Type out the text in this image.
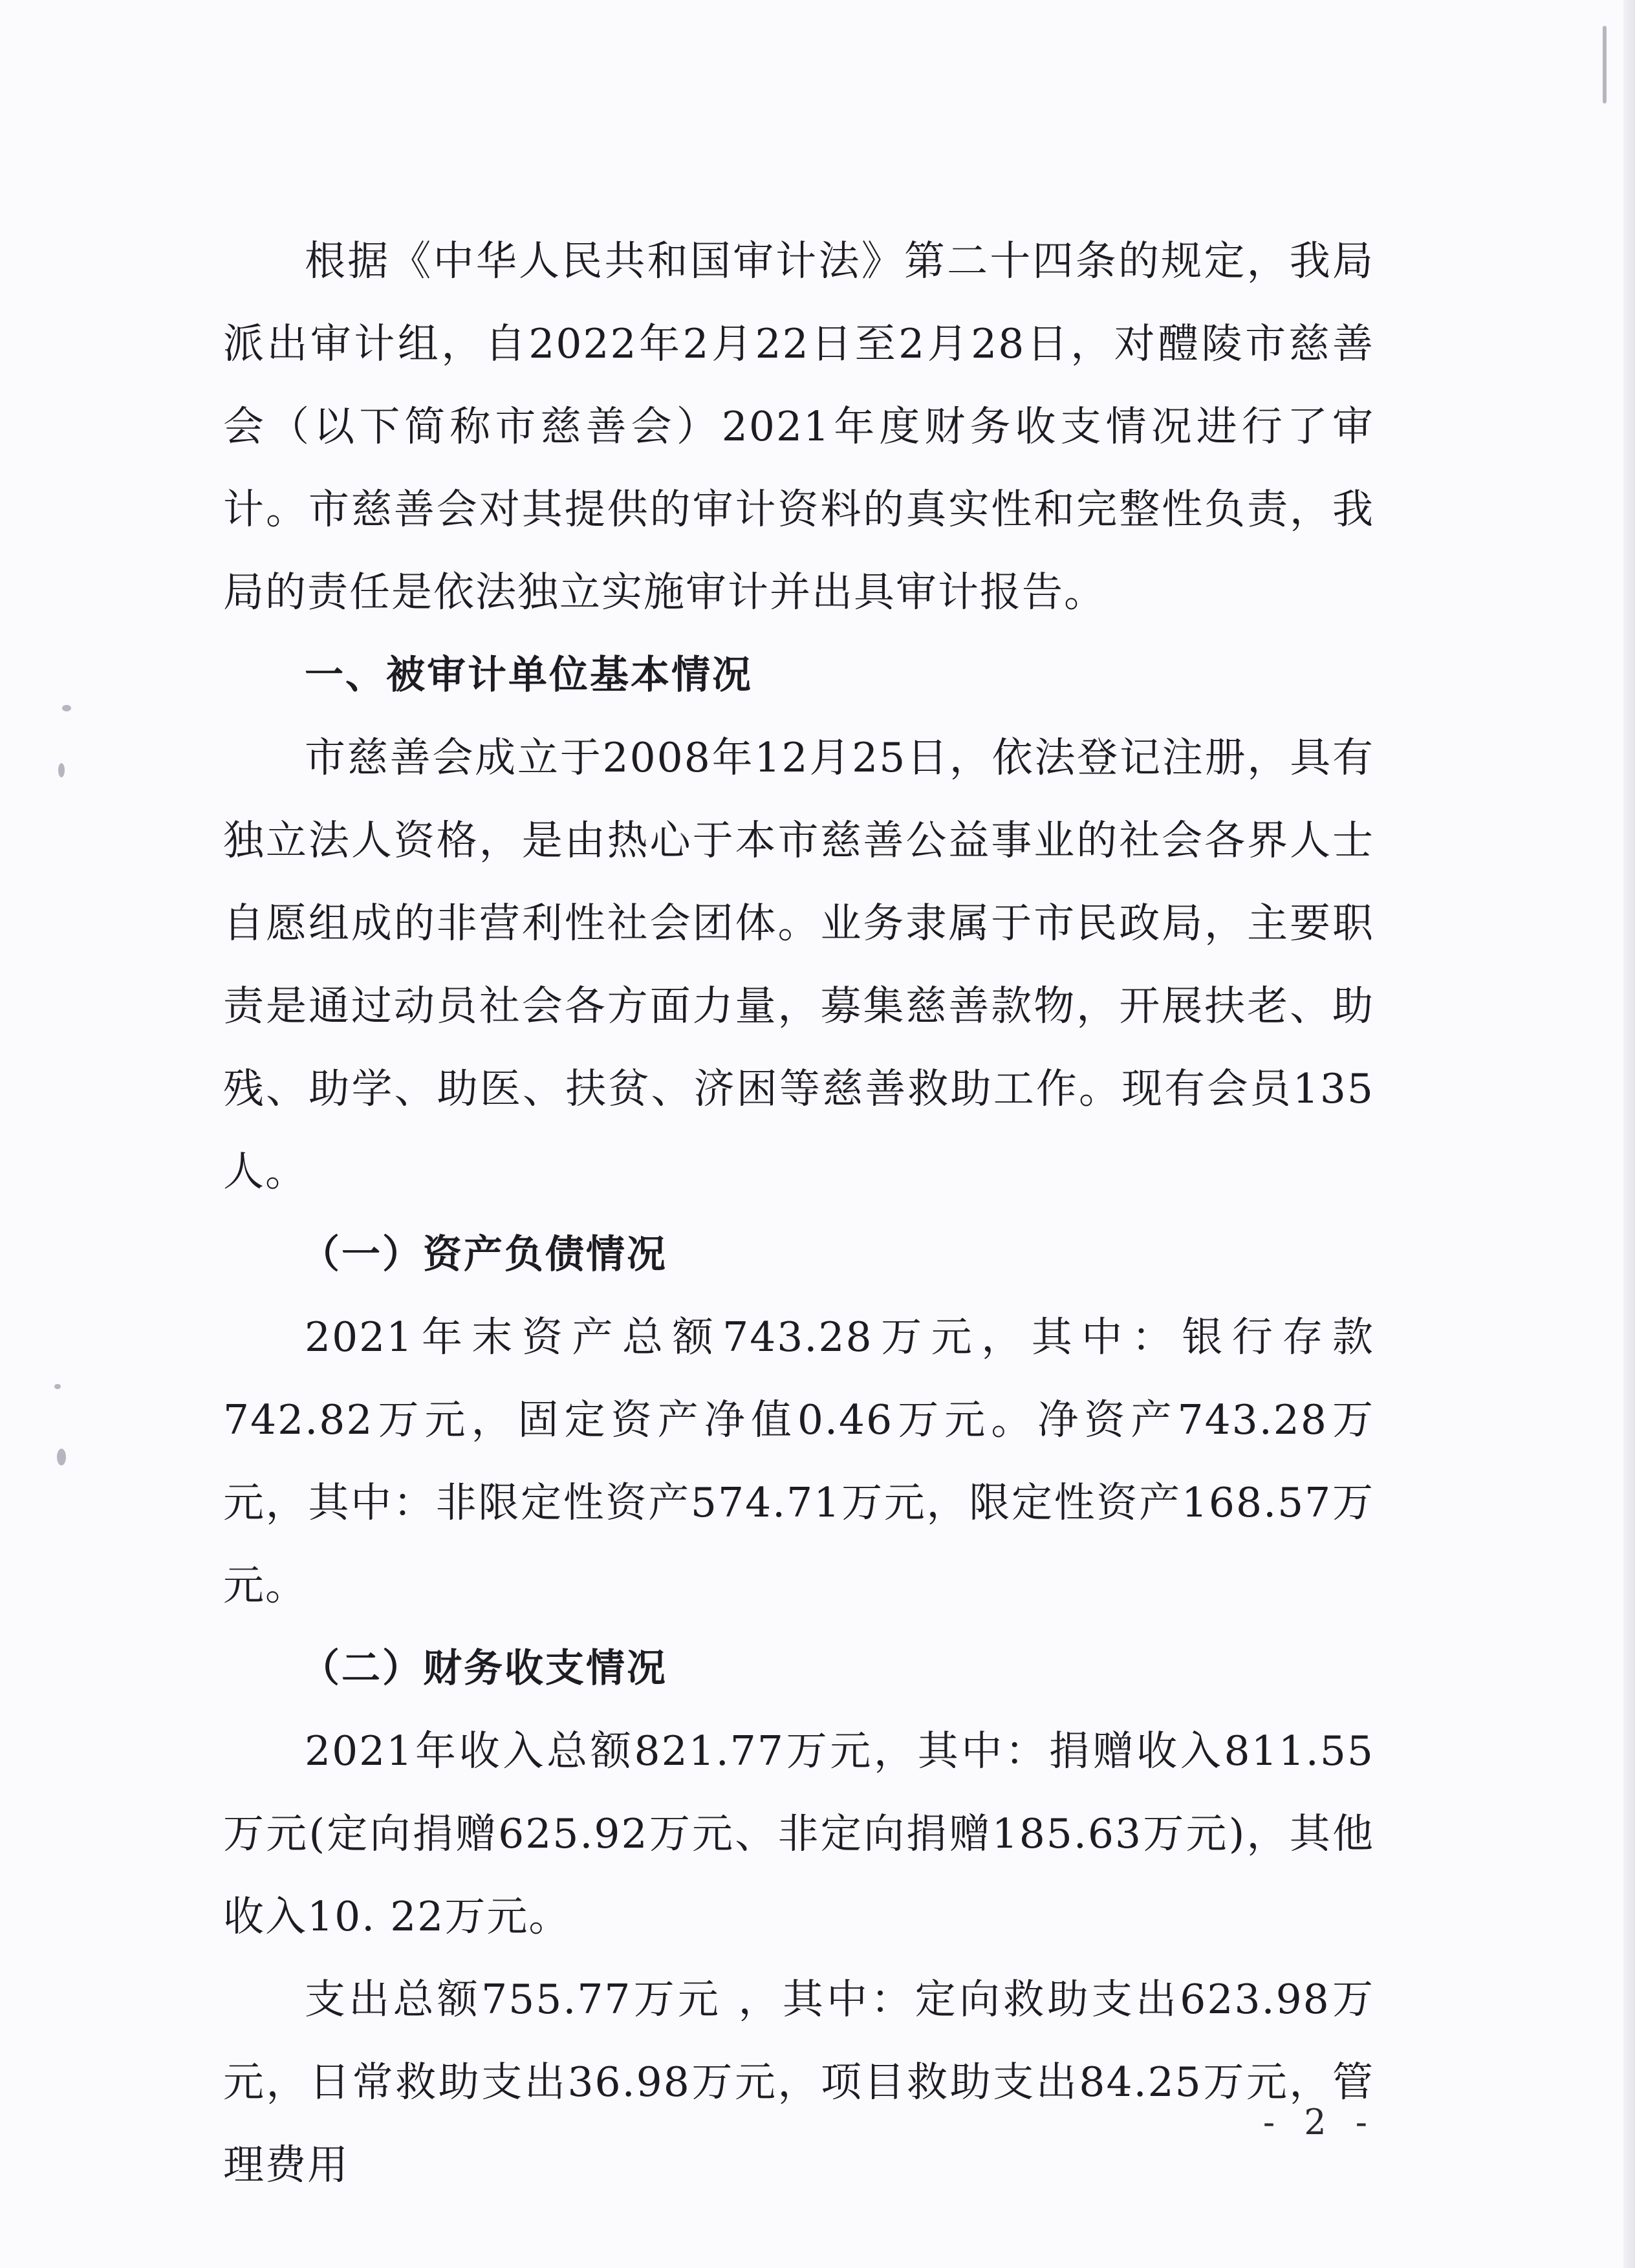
根据《中华人民共和国审计法》第二十四条的规定，我局派出审计组，自2022年2月22日至2月28日，对醴陵市慈善会（以下简称市慈善会）2021年度财务收支情况进行了审计。市慈善会对其提供的审计资料的真实性和完整性负责，我局的责任是依法独立实施审计并出具审计报告。

一、被审计单位基本情况

市慈善会成立于2008年12月25日，依法登记注册，具有独立法人资格，是由热心于本市慈善公益事业的社会各界人士自愿组成的非营利性社会团体。业务隶属于市民政局，主要职责是通过动员社会各方面力量，募集慈善款物，开展扶老、助残、助学、助医、扶贫、济困等慈善救助工作。现有会员135人。

（一）资产负债情况

2021年末资产总额743.28万元，其中：银行存款742.82万元，固定资产净值0.46万元。净资产743.28万元，其中：非限定性资产574.71万元，限定性资产168.57万元。

（二）财务收支情况

2021年收入总额821.77万元，其中：捐赠收入811.55万元(定向捐赠625.92万元、非定向捐赠185.63万元)，其他收入10. 22万元。

支出总额755.77万元 ，其中：定向救助支出623.98万元，日常救助支出36.98万元，项目救助支出84.25万元，管理费用

- 2 -
